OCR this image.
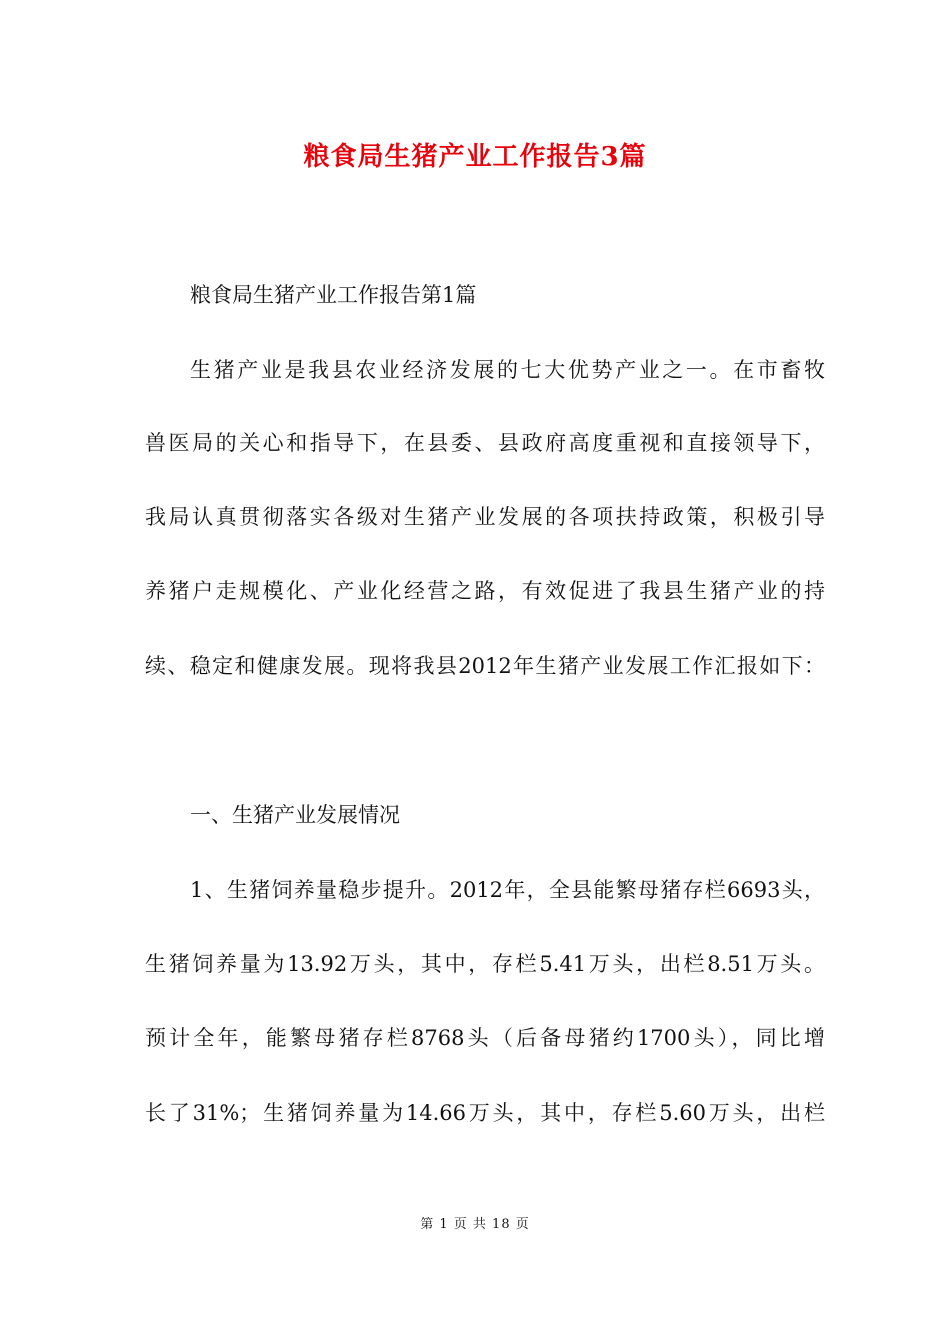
粮食局生猪产业工作报告3篇
粮食局生猪产业工作报告第1篇
生猪产业是我县农业经济发展的七大优势产业之一。在市畜牧
兽医局的关心和指导下，在县委、县政府高度重视和直接领导下，
我局认真贯彻落实各级对生猪产业发展的各项扶持政策，积极引导
养猪户走规模化、产业化经营之路，有效促进了我县生猪产业的持
续、稳定和健康发展。现将我县2012年生猪产业发展工作汇报如下：
一、生猪产业发展情况
1、生猪饲养量稳步提升。2012年，全县能繁母猪存栏6693头，
生猪饲养量为13.92万头，其中，存栏5.41万头，出栏8.51万头。
预计全年，能繁母猪存栏8768头（后备母猪约1700头），同比增
长了31%；生猪饲养量为14.66万头，其中，存栏5.60万头，出栏
第 1 页 共 18 页
